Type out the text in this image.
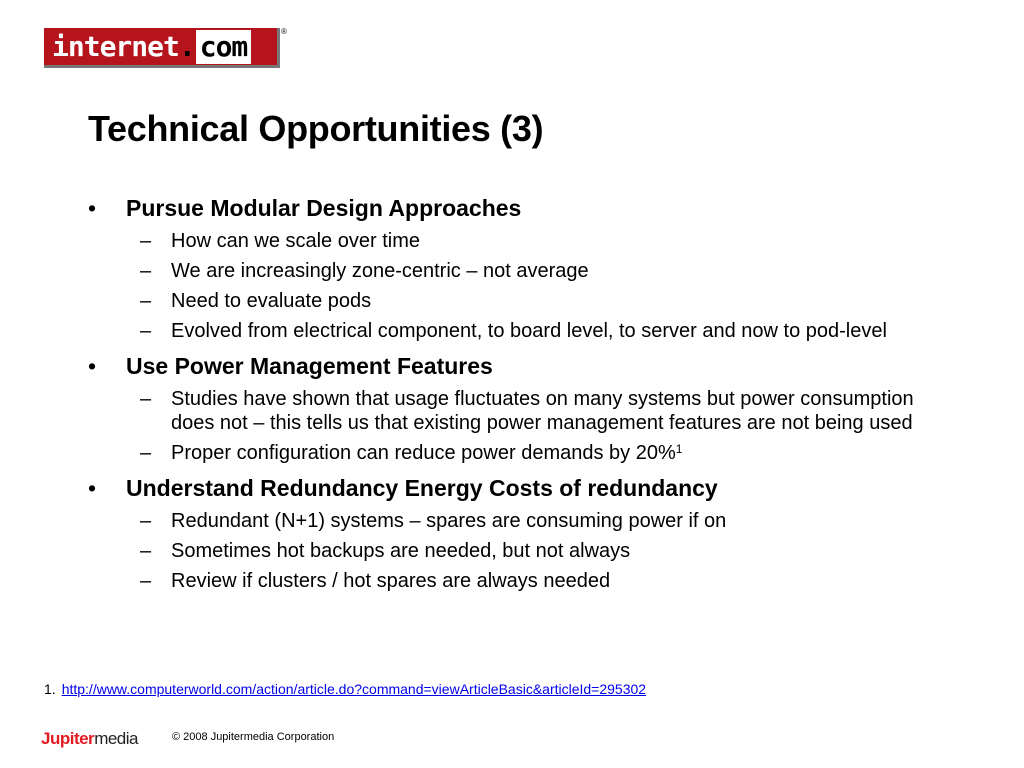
internet . com	®
Technical Opportunities (3)
• Pursue Modular Design Approaches
– How can we scale over time
– We are increasingly zone-centric – not average
– Need to evaluate pods
– Evolved from electrical component, to board level, to server and now to pod-level
• Use Power Management Features
– Studies have shown that usage fluctuates on many systems but power consumption does not – this tells us that existing power management features are not being used
– Proper configuration can reduce power demands by 20%$^1$
• Understand Redundancy Energy Costs of redundancy
– Redundant (N+1) systems – spares are consuming power if on
– Sometimes hot backups are needed, but not always
– Review if clusters / hot spares are always needed
1. http://www.computerworld.com/action/article.do?command=viewArticleBasic&articleId=295302
Jupitermedia	© 2008 Jupitermedia Corporation
